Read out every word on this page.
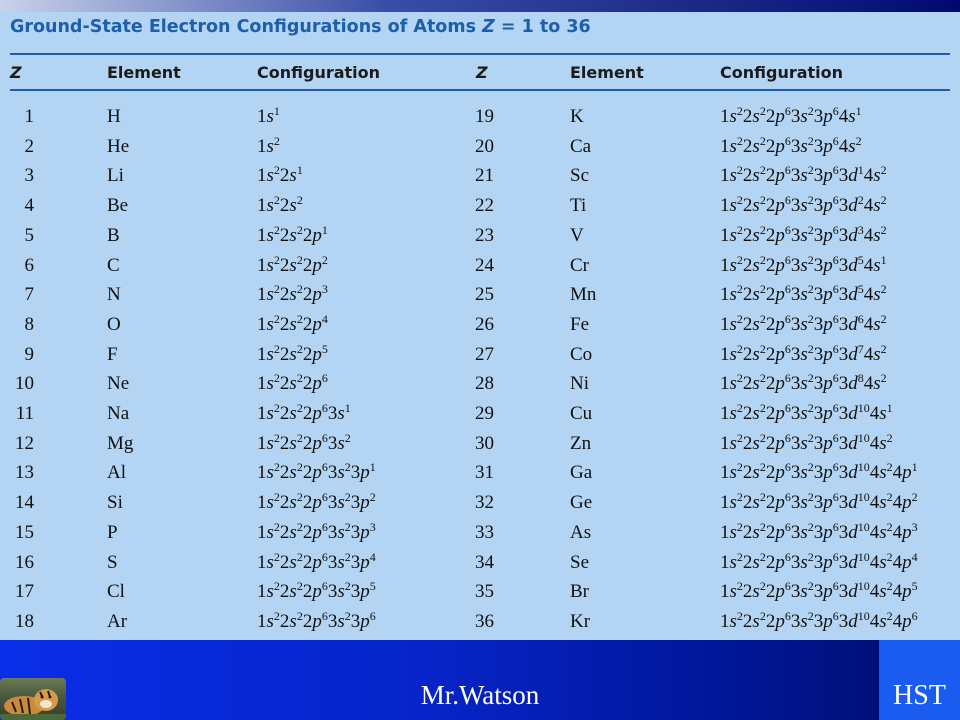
Ground-State Electron Configurations of Atoms Z = 1 to 36
Z	Element	Configuration	Z	Element	Configuration
1	H	$1s^1$	19	K	$1s^22s^22p^63s^23p^64s^1$
2	He	$1s^2$	20	Ca	$1s^22s^22p^63s^23p^64s^2$
3	Li	$1s^22s^1$	21	Sc	$1s^22s^22p^63s^23p^63d^14s^2$
4	Be	$1s^22s^2$	22	Ti	$1s^22s^22p^63s^23p^63d^24s^2$
5	B	$1s^22s^22p^1$	23	V	$1s^22s^22p^63s^23p^63d^34s^2$
6	C	$1s^22s^22p^2$	24	Cr	$1s^22s^22p^63s^23p^63d^54s^1$
7	N	$1s^22s^22p^3$	25	Mn	$1s^22s^22p^63s^23p^63d^54s^2$
8	O	$1s^22s^22p^4$	26	Fe	$1s^22s^22p^63s^23p^63d^64s^2$
9	F	$1s^22s^22p^5$	27	Co	$1s^22s^22p^63s^23p^63d^74s^2$
10	Ne	$1s^22s^22p^6$	28	Ni	$1s^22s^22p^63s^23p^63d^84s^2$
11	Na	$1s^22s^22p^63s^1$	29	Cu	$1s^22s^22p^63s^23p^63d^{10}4s^1$
12	Mg	$1s^22s^22p^63s^2$	30	Zn	$1s^22s^22p^63s^23p^63d^{10}4s^2$
13	Al	$1s^22s^22p^63s^23p^1$	31	Ga	$1s^22s^22p^63s^23p^63d^{10}4s^24p^1$
14	Si	$1s^22s^22p^63s^23p^2$	32	Ge	$1s^22s^22p^63s^23p^63d^{10}4s^24p^2$
15	P	$1s^22s^22p^63s^23p^3$	33	As	$1s^22s^22p^63s^23p^63d^{10}4s^24p^3$
16	S	$1s^22s^22p^63s^23p^4$	34	Se	$1s^22s^22p^63s^23p^63d^{10}4s^24p^4$
17	Cl	$1s^22s^22p^63s^23p^5$	35	Br	$1s^22s^22p^63s^23p^63d^{10}4s^24p^5$
18	Ar	$1s^22s^22p^63s^23p^6$	36	Kr	$1s^22s^22p^63s^23p^63d^{10}4s^24p^6$
Mr.Watson	HST
